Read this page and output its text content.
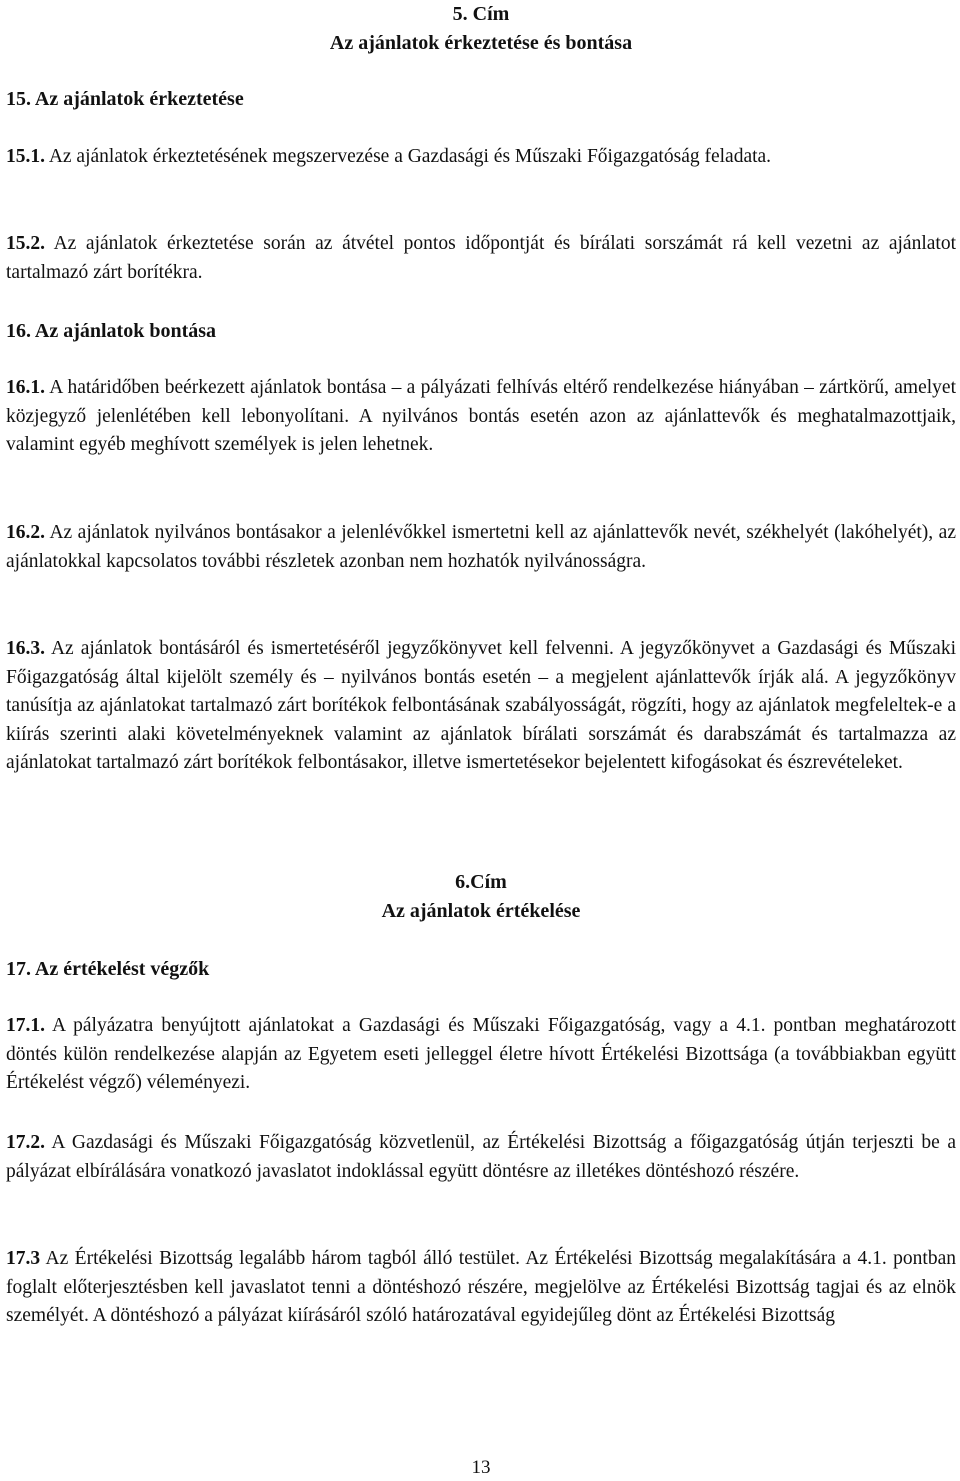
5. Cím
Az ajánlatok érkeztetése és bontása
15. Az ajánlatok érkeztetése

15.1. Az ajánlatok érkeztetésének megszervezése a Gazdasági és Műszaki Főigazgatóság feladata.

15.2. Az ajánlatok érkeztetése során az átvétel pontos időpontját és bírálati sorszámát rá kell vezetni az ajánlatot tartalmazó zárt borítékra.

16. Az ajánlatok bontása

16.1. A határidőben beérkezett ajánlatok bontása – a pályázati felhívás eltérő rendelkezése hiányában – zártkörű, amelyet közjegyző jelenlétében kell lebonyolítani. A nyilvános bontás esetén azon az ajánlattevők és meghatalmazottjaik, valamint egyéb meghívott személyek is jelen lehetnek.

16.2. Az ajánlatok nyilvános bontásakor a jelenlévőkkel ismertetni kell az ajánlattevők nevét, székhelyét (lakóhelyét), az ajánlatokkal kapcsolatos további részletek azonban nem hozhatók nyilvánosságra.

16.3. Az ajánlatok bontásáról és ismertetéséről jegyzőkönyvet kell felvenni. A jegyzőkönyvet a Gazdasági és Műszaki Főigazgatóság által kijelölt személy és – nyilvános bontás esetén – a megjelent ajánlattevők írják alá. A jegyzőkönyv tanúsítja az ajánlatokat tartalmazó zárt borítékok felbontásának szabályosságát, rögzíti, hogy az ajánlatok megfeleltek-e a kiírás szerinti alaki követelményeknek valamint az ajánlatok bírálati sorszámát és darabszámát és tartalmazza az ajánlatokat tartalmazó zárt borítékok felbontásakor, illetve ismertetésekor bejelentett kifogásokat és észrevételeket.

6.Cím
Az ajánlatok értékelése
17. Az értékelést végzők

17.1. A pályázatra benyújtott ajánlatokat a Gazdasági és Műszaki Főigazgatóság, vagy a 4.1. pontban meghatározott döntés külön rendelkezése alapján az Egyetem eseti jelleggel életre hívott Értékelési Bizottsága (a továbbiakban együtt Értékelést végző) véleményezi.

17.2. A Gazdasági és Műszaki Főigazgatóság közvetlenül, az Értékelési Bizottság a főigazgatóság útján terjeszti be a pályázat elbírálására vonatkozó javaslatot indoklással együtt döntésre az illetékes döntéshozó részére.

17.3 Az Értékelési Bizottság legalább három tagból álló testület. Az Értékelési Bizottság megalakítására a 4.1. pontban foglalt előterjesztésben kell javaslatot tenni a döntéshozó részére, megjelölve az Értékelési Bizottság tagjai és az elnök személyét. A döntéshozó a pályázat kiírásáról szóló határozatával egyidejűleg dönt az Értékelési Bizottság

13
